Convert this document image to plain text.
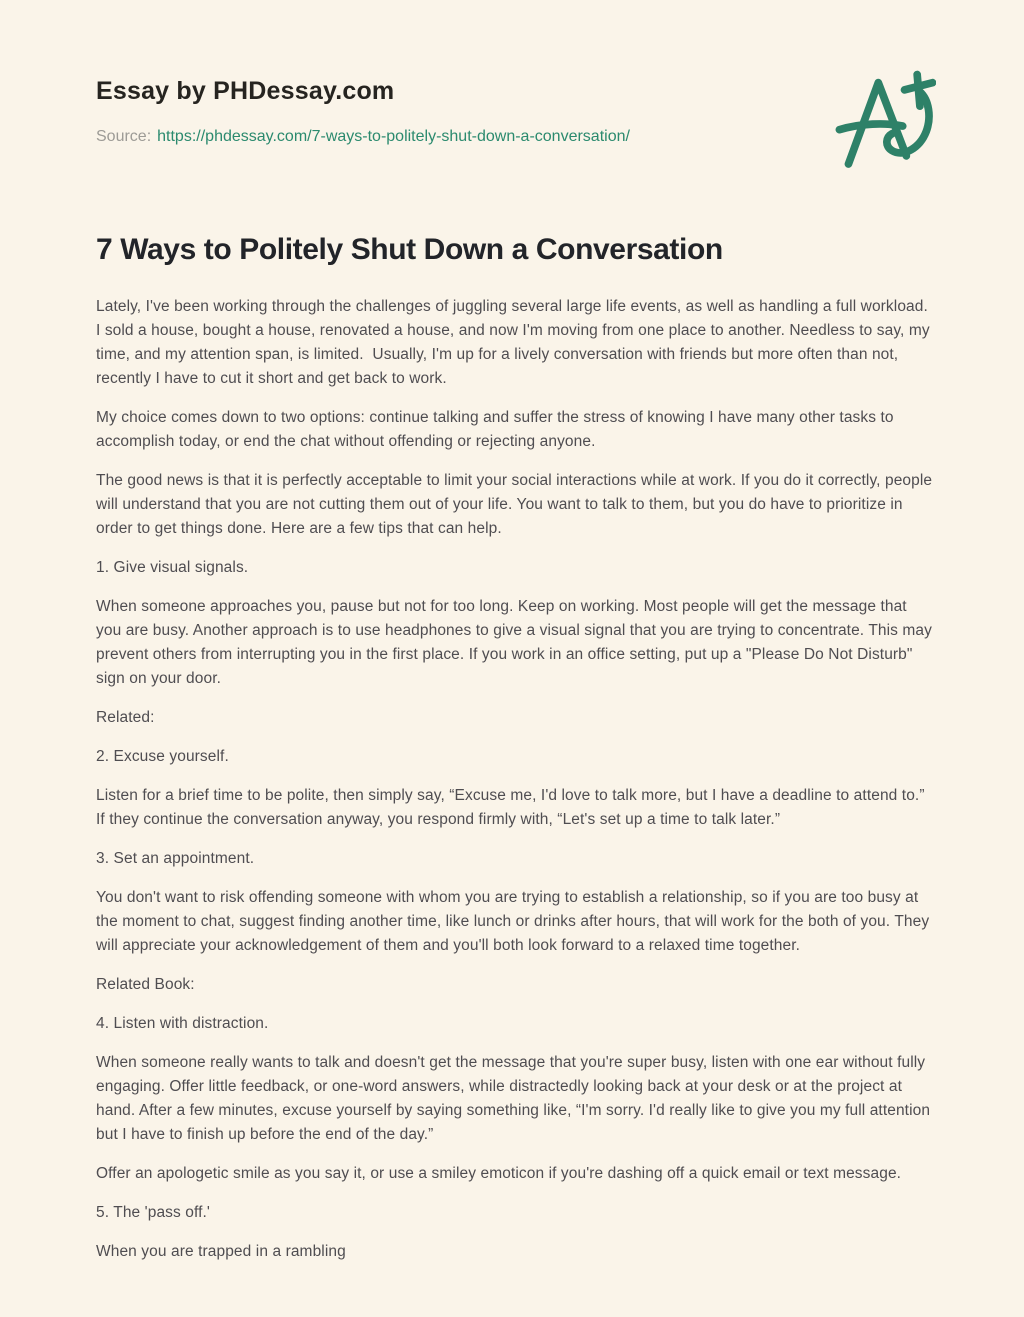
Essay by PHDessay.com

Source: https://phdessay.com/7-ways-to-politely-shut-down-a-conversation/

7 Ways to Politely Shut Down a Conversation

Lately, I've been working through the challenges of juggling several large life events, as well as handling a full workload. I sold a house, bought a house, renovated a house, and now I'm moving from one place to another. Needless to say, my time, and my attention span, is limited.  Usually, I'm up for a lively conversation with friends but more often than not, recently I have to cut it short and get back to work.

My choice comes down to two options: continue talking and suffer the stress of knowing I have many other tasks to accomplish today, or end the chat without offending or rejecting anyone.

The good news is that it is perfectly acceptable to limit your social interactions while at work. If you do it correctly, people will understand that you are not cutting them out of your life. You want to talk to them, but you do have to prioritize in order to get things done. Here are a few tips that can help.

1. Give visual signals.

When someone approaches you, pause but not for too long. Keep on working. Most people will get the message that you are busy. Another approach is to use headphones to give a visual signal that you are trying to concentrate. This may prevent others from interrupting you in the first place. If you work in an office setting, put up a "Please Do Not Disturb" sign on your door.

Related:

2. Excuse yourself.

Listen for a brief time to be polite, then simply say, “Excuse me, I'd love to talk more, but I have a deadline to attend to.” If they continue the conversation anyway, you respond firmly with, “Let's set up a time to talk later.”

3. Set an appointment.

You don't want to risk offending someone with whom you are trying to establish a relationship, so if you are too busy at the moment to chat, suggest finding another time, like lunch or drinks after hours, that will work for the both of you. They will appreciate your acknowledgement of them and you'll both look forward to a relaxed time together.

Related Book:

4. Listen with distraction.

When someone really wants to talk and doesn't get the message that you're super busy, listen with one ear without fully engaging. Offer little feedback, or one-word answers, while distractedly looking back at your desk or at the project at hand. After a few minutes, excuse yourself by saying something like, “I'm sorry. I'd really like to give you my full attention but I have to finish up before the end of the day.”

Offer an apologetic smile as you say it, or use a smiley emoticon if you're dashing off a quick email or text message.

5. The 'pass off.'

When you are trapped in a rambling
